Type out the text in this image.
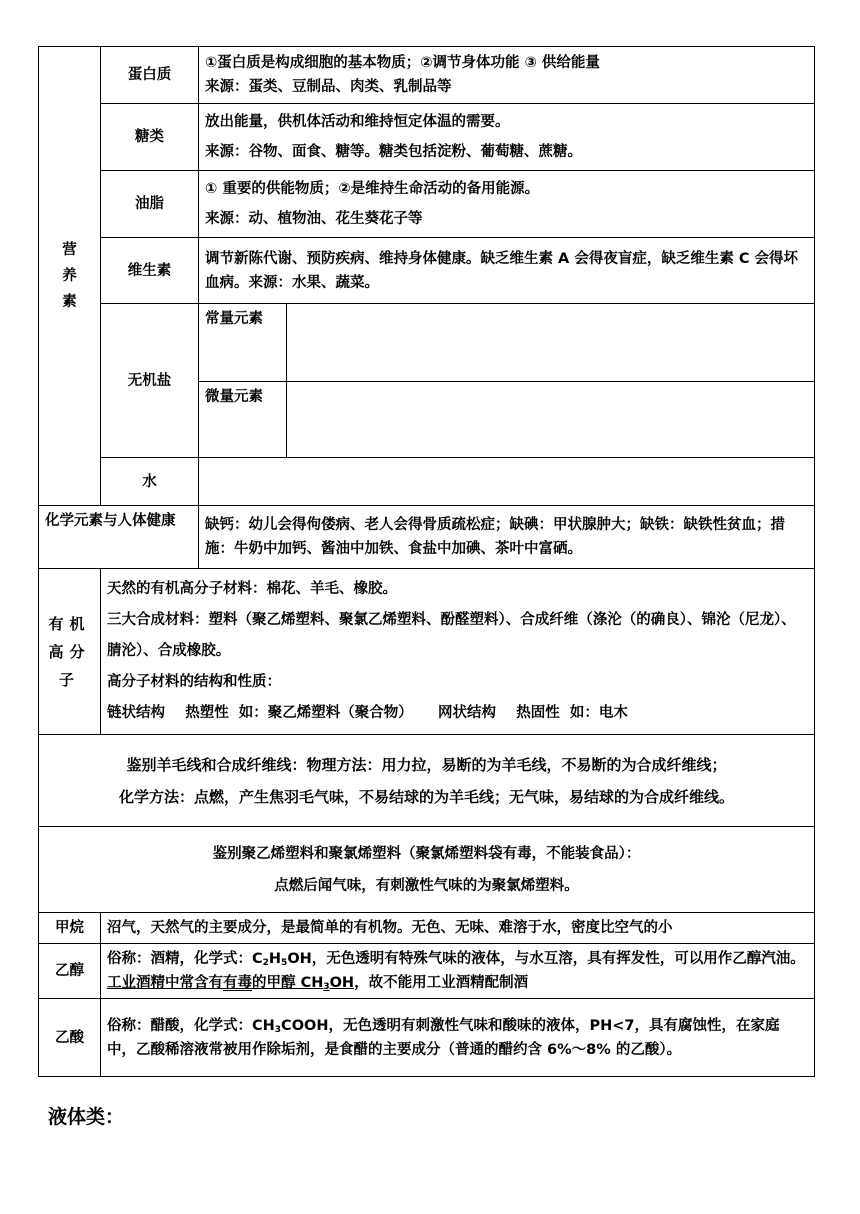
营养素	蛋白质	①蛋白质是构成细胞的基本物质；②调节身体功能 ③ 供给能量
来源：蛋类、豆制品、肉类、乳制品等	

	糖类	放出能量，供机体活动和维持恒定体温的需要。
来源：谷物、面食、糖等。糖类包括淀粉、葡萄糖、蔗糖。	

	油脂	① 重要的供能物质；②是维持生命活动的备用能源。
来源：动、植物油、花生葵花子等	

	维生素	调节新陈代谢、预防疾病、维持身体健康。缺乏维生素 A 会得夜盲症，缺乏维生素 C 会得坏血病。来源：水果、蔬菜。	

	无机盐	常量元素	
		微量元素	
	水		
化学元素与人体健康		缺钙：幼儿会得佝偻病、老人会得骨质疏松症；缺碘：甲状腺肿大；缺铁：缺铁性贫血；措施：牛奶中加钙、酱油中加铁、食盐中加碘、茶叶中富硒。	
有机高分子	天然的有机高分子材料：棉花、羊毛、橡胶。
三大合成材料：塑料（聚乙烯塑料、聚氯乙烯塑料、酚醛塑料）、合成纤维（涤沦（的确良）、锦沦（尼龙）、腈沦）、合成橡胶。
高分子材料的结构和性质：
链状结构    热塑性  如：聚乙烯塑料（聚合物）     网状结构    热固性  如：电木		

鉴别羊毛线和合成纤维线：物理方法：用力拉，易断的为羊毛线，不易断的为合成纤维线；
化学方法：点燃，产生焦羽毛气味，不易结球的为羊毛线；无气味，易结球的为合成纤维线。			

鉴别聚乙烯塑料和聚氯烯塑料（聚氯烯塑料袋有毒，不能装食品）：
点燃后闻气味，有刺激性气味的为聚氯烯塑料。			

甲烷	沼气，天然气的主要成分，是最简单的有机物。无色、无味、难溶于水，密度比空气的小		
乙醇	俗称：酒精，化学式：$C_2H_5OH$，无色透明有特殊气味的液体，与水互溶，具有挥发性，可以用作乙醇汽油。工业酒精中常含有有毒的甲醇 $CH_3OH$，故不能用工业酒精配制酒		
乙酸	俗称：醋酸，化学式：$CH_3COOH$，无色透明有刺激性气味和酸味的液体，PH<7，具有腐蚀性，在家庭中，乙酸稀溶液常被用作除垢剂，是食醋的主要成分（普通的醋约含 6%～8% 的乙酸）。		
液体类：
